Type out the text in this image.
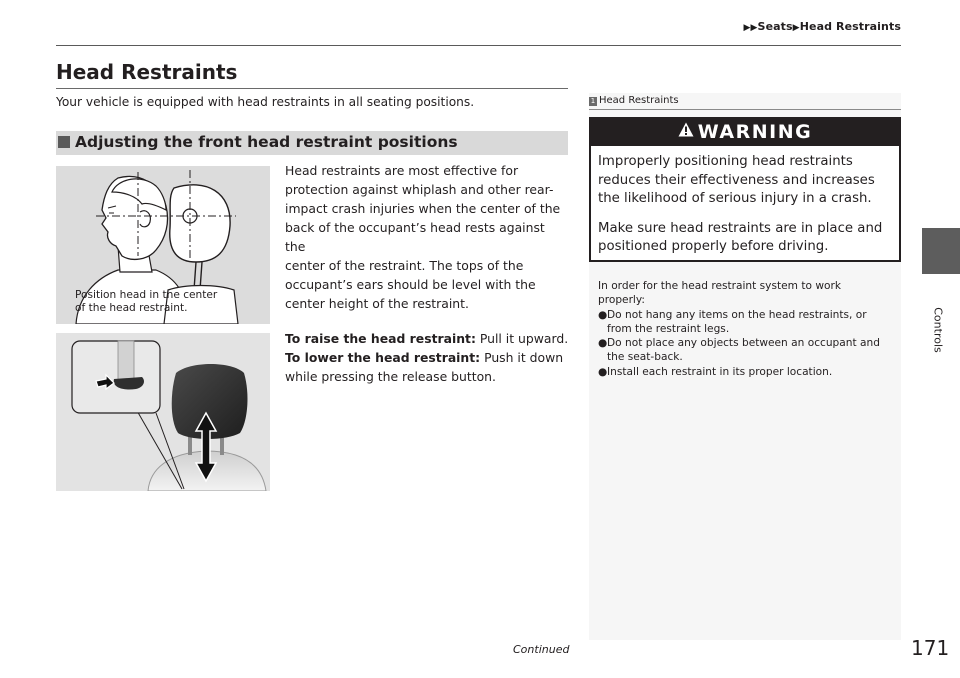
▶▶Seats▶Head Restraints
Controls
Head Restraints
Your vehicle is equipped with head restraints in all seating positions.
Adjusting the front head restraint positions
Position head in the center
of the head restraint.

Head restraints are most effective for

protection against whiplash and other rear-

impact crash injuries when the center of the

back of the occupant’s head rests against the

center of the restraint. The tops of the

occupant’s ears should be level with the

center height of the restraint.

To raise the head restraint: Pull it upward.

To lower the head restraint: Push it down

while pressing the release button.

1 Head Restraints
WARNING

Improperly positioning head restraints
reduces their effectiveness and increases
the likelihood of serious injury in a crash.

Make sure head restraints are in place and
positioned properly before driving.

In order for the head restraint system to work

properly:

● Do not hang any items on the head restraints, or
from the restraint legs.
● Do not place any objects between an occupant and
the seat-back.
● Install each restraint in its proper location.
Continued	171
